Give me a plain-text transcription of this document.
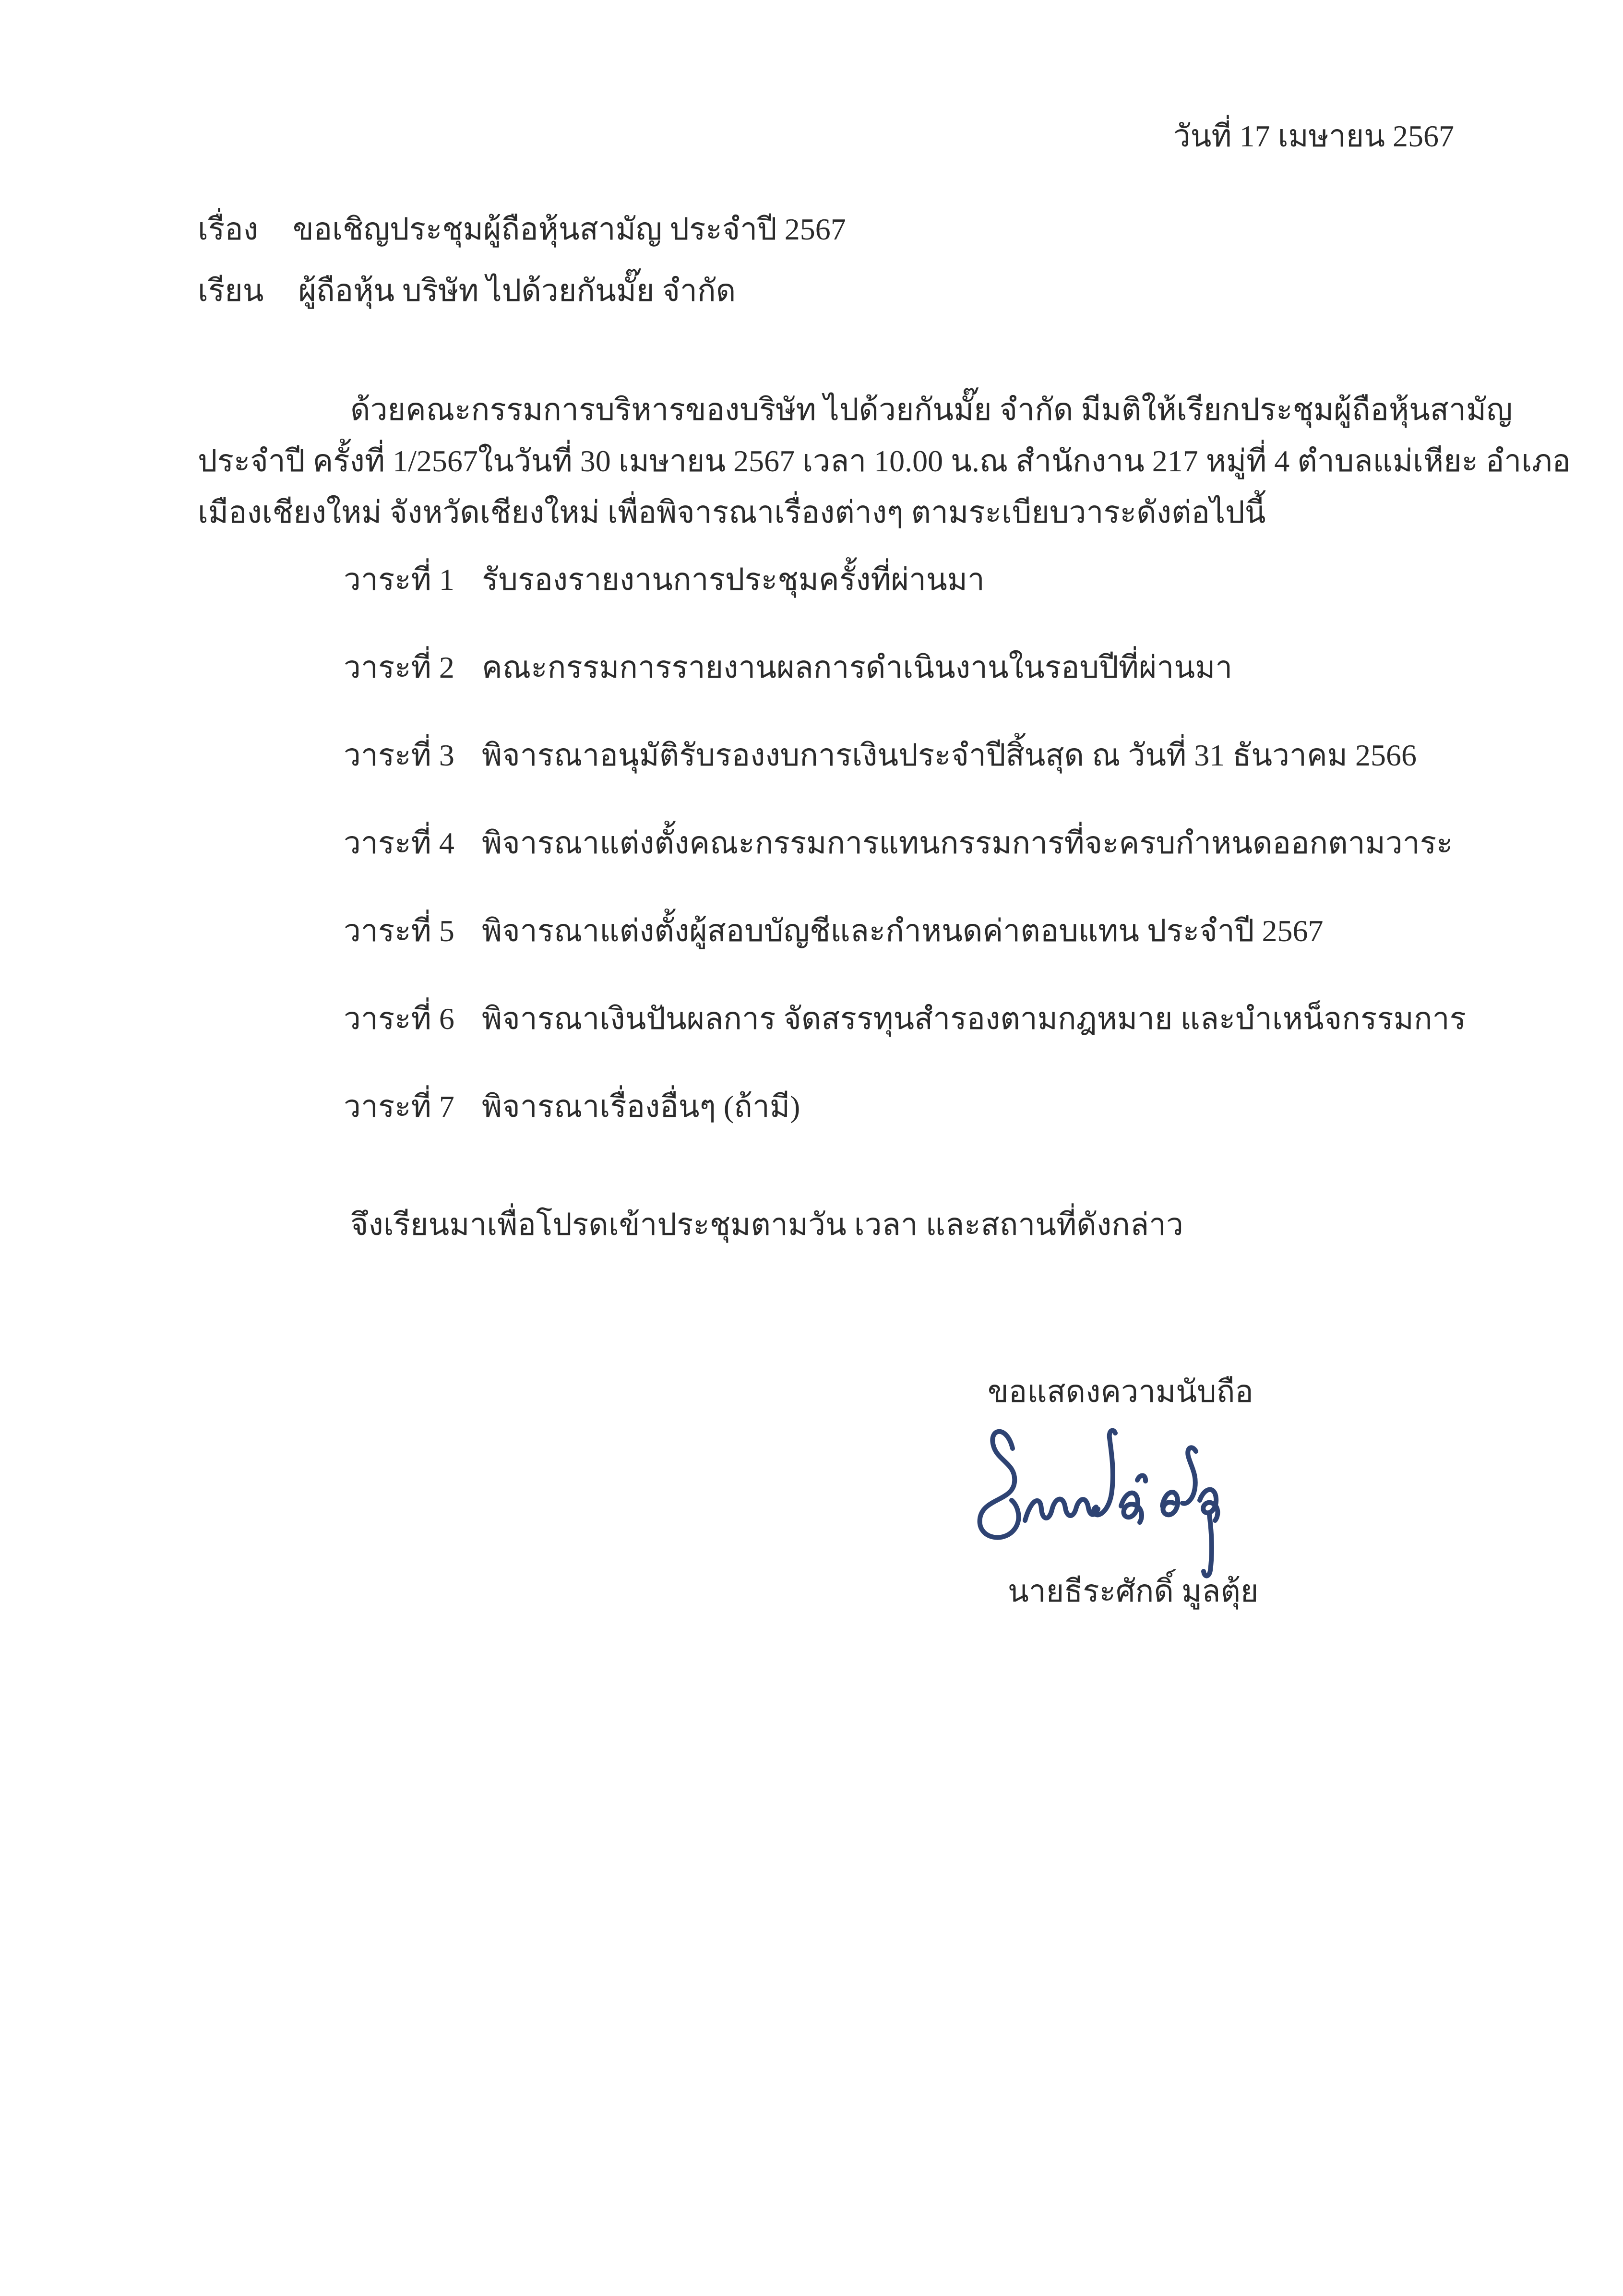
วันที่ 17 เมษายน 2567
เรื่อง ขอเชิญประชุมผู้ถือหุ้นสามัญ ประจำปี 2567
เรียน ผู้ถือหุ้น บริษัท ไปด้วยกันมั๊ย จำกัด
ด้วยคณะกรรมการบริหารของบริษัท ไปด้วยกันมั๊ย จำกัด มีมติให้เรียกประชุมผู้ถือหุ้นสามัญ
ประจำปี ครั้งที่ 1/2567ในวันที่ 30 เมษายน 2567 เวลา 10.00 น.ณ สำนักงาน 217 หมู่ที่ 4 ตำบลแม่เหียะ อำเภอ
เมืองเชียงใหม่ จังหวัดเชียงใหม่ เพื่อพิจารณาเรื่องต่างๆ ตามระเบียบวาระดังต่อไปนี้
วาระที่ 1 รับรองรายงานการประชุมครั้งที่ผ่านมา
วาระที่ 2 คณะกรรมการรายงานผลการดำเนินงานในรอบปีที่ผ่านมา
วาระที่ 3 พิจารณาอนุมัติรับรองงบการเงินประจำปีสิ้นสุด ณ วันที่ 31 ธันวาคม 2566
วาระที่ 4 พิจารณาแต่งตั้งคณะกรรมการแทนกรรมการที่จะครบกำหนดออกตามวาระ
วาระที่ 5 พิจารณาแต่งตั้งผู้สอบบัญชีและกำหนดค่าตอบแทน ประจำปี 2567
วาระที่ 6 พิจารณาเงินปันผลการ จัดสรรทุนสำรองตามกฎหมาย และบำเหน็จกรรมการ
วาระที่ 7 พิจารณาเรื่องอื่นๆ (ถ้ามี)
จึงเรียนมาเพื่อโปรดเข้าประชุมตามวัน เวลา และสถานที่ดังกล่าว
ขอแสดงความนับถือ
นายธีระศักดิ์ มูลตุ้ย
